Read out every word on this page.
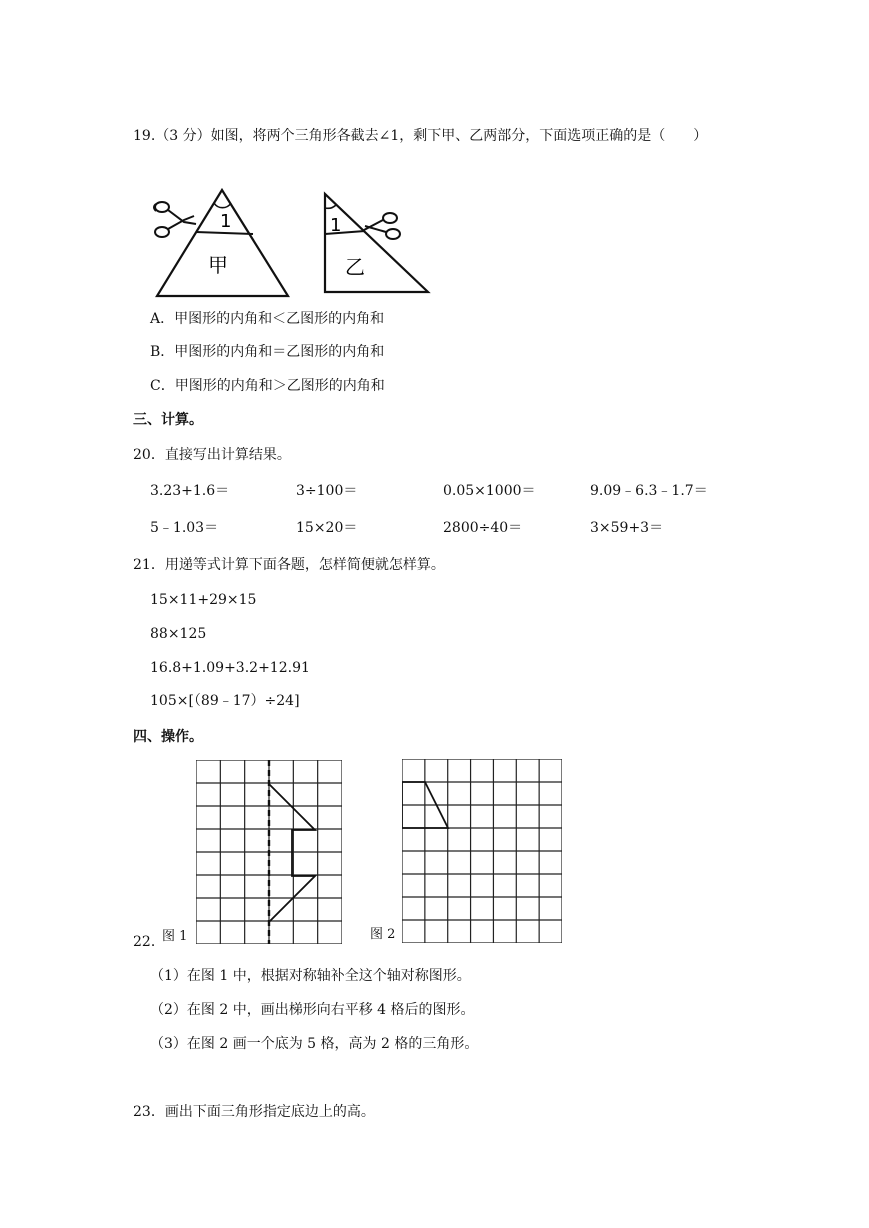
19.（3 分）如图，将两个三角形各截去∠1，剩下甲、乙两部分，下面选项正确的是（　　）
1
甲
1
乙
A．甲图形的内角和＜乙图形的内角和
B．甲图形的内角和＝乙图形的内角和
C．甲图形的内角和＞乙图形的内角和
三、计算。
20．直接写出计算结果。
3.23+1.6＝	3÷100＝	0.05×1000＝	9.09﹣6.3﹣1.7＝
5﹣1.03＝	15×20＝	2800÷40＝	3×59+3＝
21．用递等式计算下面各题，怎样简便就怎样算。
15×11+29×15
88×125
16.8+1.09+3.2+12.91
105×[（89﹣17）÷24]
四、操作。
22．
图 1	图 2
（1）在图 1 中，根据对称轴补全这个轴对称图形。
（2）在图 2 中，画出梯形向右平移 4 格后的图形。
（3）在图 2 画一个底为 5 格，高为 2 格的三角形。
23．画出下面三角形指定底边上的高。
